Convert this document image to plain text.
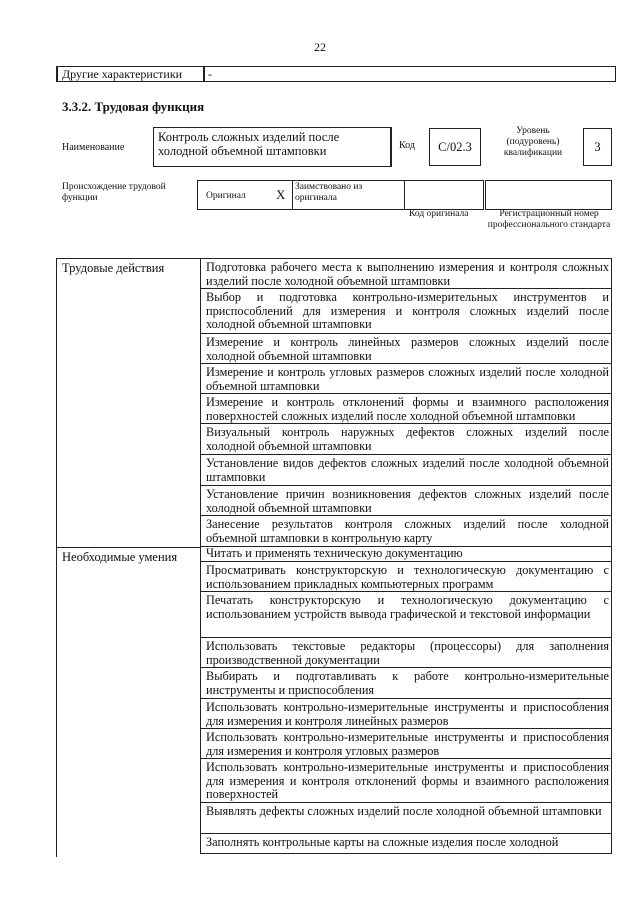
22
Другие характеристики	-
3.3.2. Трудовая функция
Наименование
Контроль сложных изделий после холодной объемной штамповки	Код	C/02.3
Уровень (подуровень) квалификации	3
Происхождение трудовой функции	Оригинал X Заимствовано из оригинала
Код оригинала	Регистрационный номер профессионального стандарта
Трудовые действия	Подготовка рабочего места к выполнению измерения и контроля сложных изделий после холодной объемной штамповки
Выбор и подготовка контрольно-измерительных инструментов и приспособлений для измерения и контроля сложных изделий после холодной объемной штамповки
Измерение и контроль линейных размеров сложных изделий после холодной объемной штамповки
Измерение и контроль угловых размеров сложных изделий после холодной объемной штамповки
Измерение и контроль отклонений формы и взаимного расположения поверхностей сложных изделий после холодной объемной штамповки
Визуальный контроль наружных дефектов сложных изделий после холодной объемной штамповки
Установление видов дефектов сложных изделий после холодной объемной штамповки
Установление причин возникновения дефектов сложных изделий после холодной объемной штамповки
Занесение результатов контроля сложных изделий после холодной объемной штамповки в контрольную карту
Необходимые умения	Читать и применять техническую документацию
Просматривать конструкторскую и технологическую документацию с использованием прикладных компьютерных программ
Печатать конструкторскую и технологическую документацию с использованием устройств вывода графической и текстовой информации
Использовать текстовые редакторы (процессоры) для заполнения производственной документации
Выбирать и подготавливать к работе контрольно-измерительные инструменты и приспособления
Использовать контрольно-измерительные инструменты и приспособления для измерения и контроля линейных размеров
Использовать контрольно-измерительные инструменты и приспособления для измерения и контроля угловых размеров
Использовать контрольно-измерительные инструменты и приспособления для измерения и контроля отклонений формы и взаимного расположения поверхностей
Выявлять дефекты сложных изделий после холодной объемной штамповки
Заполнять контрольные карты на сложные изделия после холодной
